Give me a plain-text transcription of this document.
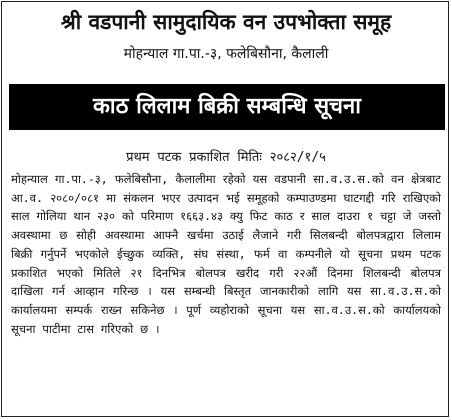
श्री वडपानी सामुदायिक वन उपभोक्ता समूह
मोहन्याल गा.पा.-३, फलेबिसौना, कैलाली
काठ लिलाम बिक्री सम्बन्धि सूचना
प्रथम पटक प्रकाशित मितिः २०८२/१/५
मोहन्याल गा.पा.-३, फलेबिसौना, कैलालीमा रहेको यस वडपानी सा.व.उ.स.को वन क्षेत्रबाट आ.व. २०८०/०८१ मा संकलन भएर उत्पादन भई समूहको कम्पाउण्डमा घाटगद्दी गरि राखिएको साल गोलिया थान २३० को परिमाण १६६३.४३ क्यु फिट काठ र साल दाउरा १ चट्टा जे जस्तो अवस्थामा छ सोही अवस्थामा आफ्नै खर्चमा उठाई लैजाने गरी सिलबन्दी बोलपत्रद्वारा लिलाम बिक्री गर्नुपर्ने भएकोले ईच्छुक व्यक्ति, संघ संस्था, फर्म वा कम्पनीले यो सूचना प्रथम पटक प्रकाशित भएको मितिले २१ दिनभित्र बोलपत्र खरीद गरी २२औं दिनमा शिलबन्दी बोलपत्र दाखिला गर्न आव्हान गरिन्छ । यस सम्बन्धी बिस्तृत जानकारीको लागि यस सा.व.उ.स.को कार्यालयमा सम्पर्क राख्न सकिनेछ । पूर्ण व्यहोराको सूचना यस सा.व.उ.स.को कार्यालयको सूचना पाटीमा टास गरिएको छ ।
